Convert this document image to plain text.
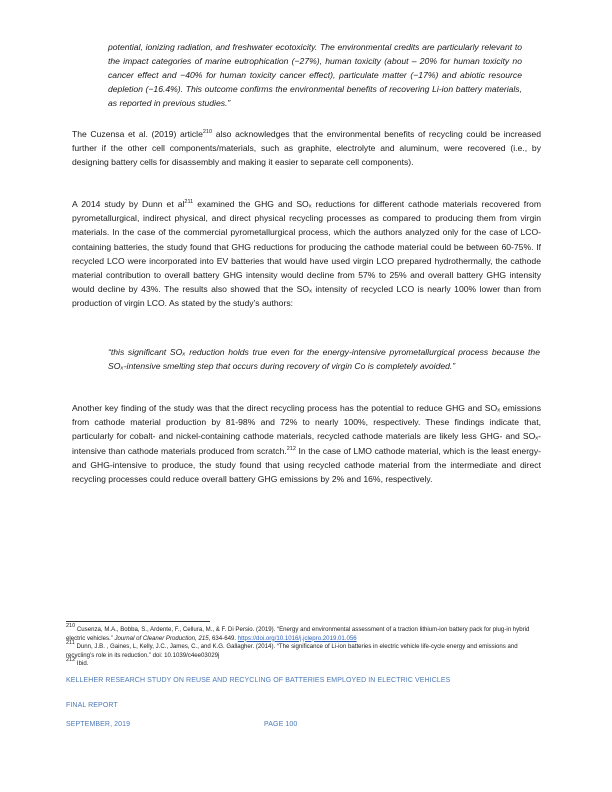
potential, ionizing radiation, and freshwater ecotoxicity. The environmental credits are particularly relevant to the impact categories of marine eutrophication (−27%), human toxicity (about – 20% for human toxicity no cancer effect and −40% for human toxicity cancer effect), particulate matter (−17%) and abiotic resource depletion (−16.4%). This outcome confirms the environmental benefits of recovering Li-ion battery materials, as reported in previous studies.”
The Cuzensa et al. (2019) article$^{210}$ also acknowledges that the environmental benefits of recycling could be increased further if the other cell components/materials, such as graphite, electrolyte and aluminum, were recovered (i.e., by designing battery cells for disassembly and making it easier to separate cell components).
A 2014 study by Dunn et $al^{211}$ examined the GHG and SOₓ reductions for different cathode materials recovered from pyrometallurgical, indirect physical, and direct physical recycling processes as compared to producing them from virgin materials. In the case of the commercial pyrometallurgical process, which the authors analyzed only for the case of LCO-containing batteries, the study found that GHG reductions for producing the cathode material could be between 60-75%. If recycled LCO were incorporated into EV batteries that would have used virgin LCO prepared hydrothermally, the cathode material contribution to overall battery GHG intensity would decline from 57% to 25% and overall battery GHG intensity would decline by 43%. The results also showed that the SOₓ intensity of recycled LCO is nearly 100% lower than from production of virgin LCO. As stated by the study’s authors:
“this significant SOₓ reduction holds true even for the energy-intensive pyrometallurgical process because the SOₓ-intensive smelting step that occurs during recovery of virgin Co is completely avoided.”
Another key finding of the study was that the direct recycling process has the potential to reduce GHG and SOₓ emissions from cathode material production by 81-98% and 72% to nearly 100%, respectively. These findings indicate that, particularly for cobalt- and nickel-containing cathode materials, recycled cathode materials are likely less GHG- and SOₓ-intensive than cathode materials produced from scratch.$^{212}$ In the case of LMO cathode material, which is the least energy- and GHG-intensive to produce, the study found that using recycled cathode material from the intermediate and direct recycling processes could reduce overall battery GHG emissions by 2% and 16%, respectively.

$^{210}$ Cusenza, M.A., Bobba, S., Ardente, F., Cellura, M., & F. Di Persio. (2019). “Energy and environmental assessment of a traction lithium-ion battery pack for plug-in hybrid electric vehicles.” Journal of Cleaner Production, 215, 634-649. https://doi.org/10.1016/j.jclepro.2019.01.056

$^{211}$ Dunn, J.B. , Gaines, L, Kelly, J.C., James, C., and K.G. Gallagher. (2014). “The significance of Li-ion batteries in electric vehicle life-cycle energy and emissions and recycling’s role in its reduction.” doi: 10.1039/c4ee03029j

$^{212}$ Ibid.

KELLEHER RESEARCH STUDY ON REUSE AND RECYCLING OF BATTERIES EMPLOYED IN ELECTRIC VEHICLES
FINAL REPORT
SEPTEMBER, 2019	PAGE 100
